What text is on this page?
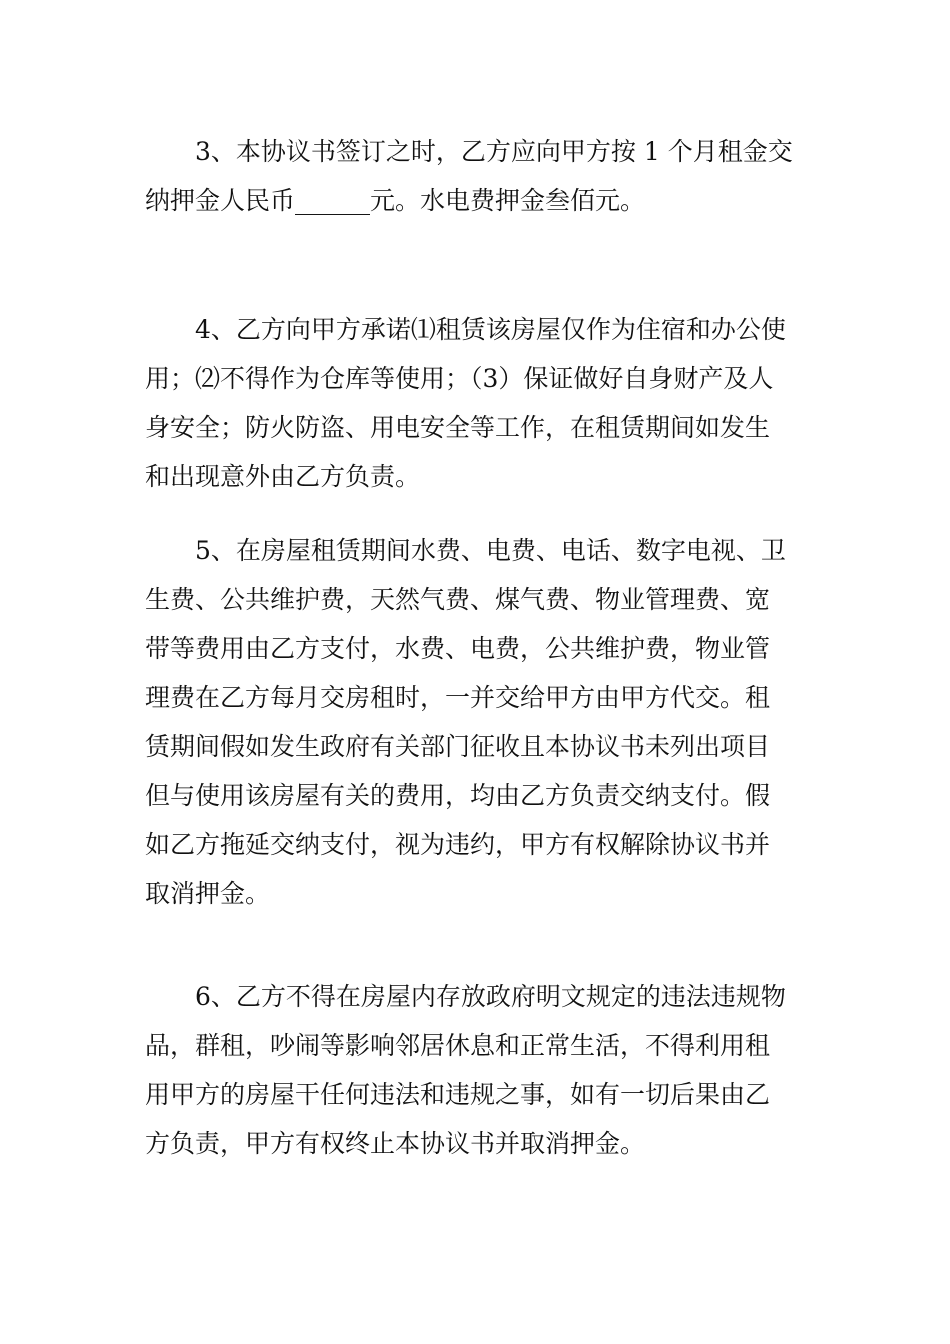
3、本协议书签订之时，乙方应向甲方按 1 个月租金交
纳押金人民币______元。水电费押金叁佰元。

4、乙方向甲方承诺⑴租赁该房屋仅作为住宿和办公使
用；⑵不得作为仓库等使用；（3）保证做好自身财产及人
身安全；防火防盗、用电安全等工作，在租赁期间如发生
和出现意外由乙方负责。

5、在房屋租赁期间水费、电费、电话、数字电视、卫
生费、公共维护费，天然气费、煤气费、物业管理费、宽
带等费用由乙方支付，水费、电费，公共维护费，物业管
理费在乙方每月交房租时，一并交给甲方由甲方代交。租
赁期间假如发生政府有关部门征收且本协议书未列出项目
但与使用该房屋有关的费用，均由乙方负责交纳支付。假
如乙方拖延交纳支付，视为违约，甲方有权解除协议书并
取消押金。

6、乙方不得在房屋内存放政府明文规定的违法违规物
品，群租，吵闹等影响邻居休息和正常生活，不得利用租
用甲方的房屋干任何违法和违规之事，如有一切后果由乙
方负责，甲方有权终止本协议书并取消押金。
